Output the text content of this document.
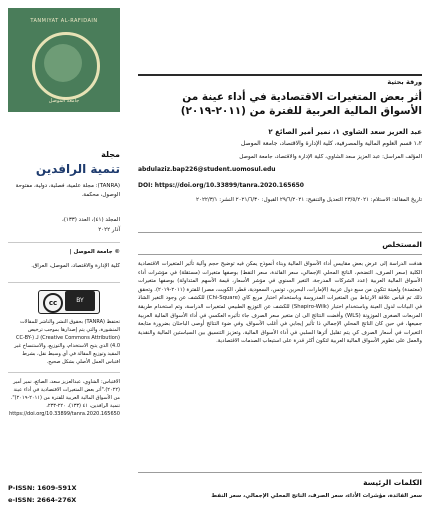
TANMIYAT AL-RAFIDAIN
جامعة الموصل
مجلة
تنمية الرافدين
(TANRA): مجلة علمية، فصلية، دولية، مفتوحة الوصول، محكمة.
المجلد (٤١)، العدد (١٣٣)،
آذار ٢٠٢٢
© جامعة الموصل |
كلية الإدارة والاقتصاد، الموصل، العراق.
cc	BY
تحتفظ (TANRA) بحقوق النشر والناشر للمقالات المنشورة، والتي يتم إصدارها بموجب ترخيص (Creative Commons Attribution) لـ (CC-BY-4.0) الذي يتيح الاستخدام، والتوزيع، والاستنساخ غير المقيد وتوزيع المقالة في أي وسيط نقل، بشرط اقتباس العمل الأصلي بشكل صحيح.
الاقتباس: الشاوي، عبدالعزيز سعد، الصائغ، نمير أمير (٢٠٢٢)."أثر بعض المتغيرات الاقتصادية في أداء عينة من الأسواق المالية العربية للفترة من (٢٠١١-٢٠١٩)". تنمية الرافدين، ٤١ (١٣٣)، ٢٢٠-٢٣٣، https://doi.org/10.33899/tanra.2020.165650
P-ISSN: 1609-591X
e-ISSN: 2664-276X
ورقة بحثية
أثر بعض المتغيرات الاقتصادية في أداء عينة من الأسواق المالية العربية للفترة من (٢٠١١-٢٠١٩)
عبد العزيز سعد الشاوي ١، نمير أمير الصائغ ٢
١،٢ قسم العلوم المالية والمصرفية، كلية الإدارة والاقتصاد، جامعة الموصل
المؤلف المراسل: عبد العزيز سعد الشاوي، كلية الإدارة والاقتصاد، جامعة الموصل
abdulaziz.bap226@student.uomosul.edu
DOI: https://doi.org/10.33899/tanra.2020.165650
تاريخ المقالة: الاستلام: ٢٣/٥/٢٠٢١ التعديل والتنقيح: ٢٩/٦/٢٠٢١ القبول: ٢٠٢١/٦/٣٠ النشر: ٢٠٢٢/٣/١
المستخلص
هدفت الدراسة إلى عرض بعض مقاييس أداء الأسواق المالية وبناء أنموذج يمكن فيه توضيح حجم وآلية تأثير المتغيرات الاقتصادية الكلية (سعر الصرف، التضخم، الناتج المحلي الإجمالي، سعر الفائدة، سعر النفط) بوصفها متغيرات (مستقلة) في مؤشرات أداء الأسواق المالية العربية (عدد الشركات المدرجة، التغير السنوي في مؤشر الأسعار، قيمة الأسهم المتداولة) بوصفها متغيرات (معتمدة) ولعينة تتكون من سبع دول عربية (الإمارات، البحرين، تونس، السعودية، قطر، الكويت، مصر) للفترة (٢٠١١-٢٠١٩). وتحقق ذلك تم قياس علاقة الارتباط بين المتغيرات المدروسة وباستخدام اختبار مربع كاي (Chi-Square) للكشف عن وجود التغير الشاذ في البيانات لدول العينة وباستخدام اختبار (Shapiro-Wilk) للكشف عن التوزيع الطبيعي لمتغيرات الدراسة، وتم استخدام طريقة المربعات الصغرى الموزونة (WLS) وأفضت النتائج الى ان متغير سعر الصرف جاء تأثيره العكسي في أداء الأسواق المالية العربية جميعها، في حين كان الناتج المحلي الإجمالي ذا تأثير إيجابي في أغلب الأسواق، وفي ضوء النتائج أوصى الباحثان بضرورة متابعة التغيرات في أسعار الصرف كي يتم تقليل أثرها السلبي في أداء الأسواق المالية، وتعزيز التنسيق بين السياستين المالية والنقدية والعمل على تطوير الأسواق المالية العربية لتكون أكثر قدرة على استيعاب الصدمات الاقتصادية.
الكلمات الرئيسة
سعر الفائدة، مؤشرات الأداء، سعر الصرف، الناتج المحلي الإجمالي، سعر النفط
